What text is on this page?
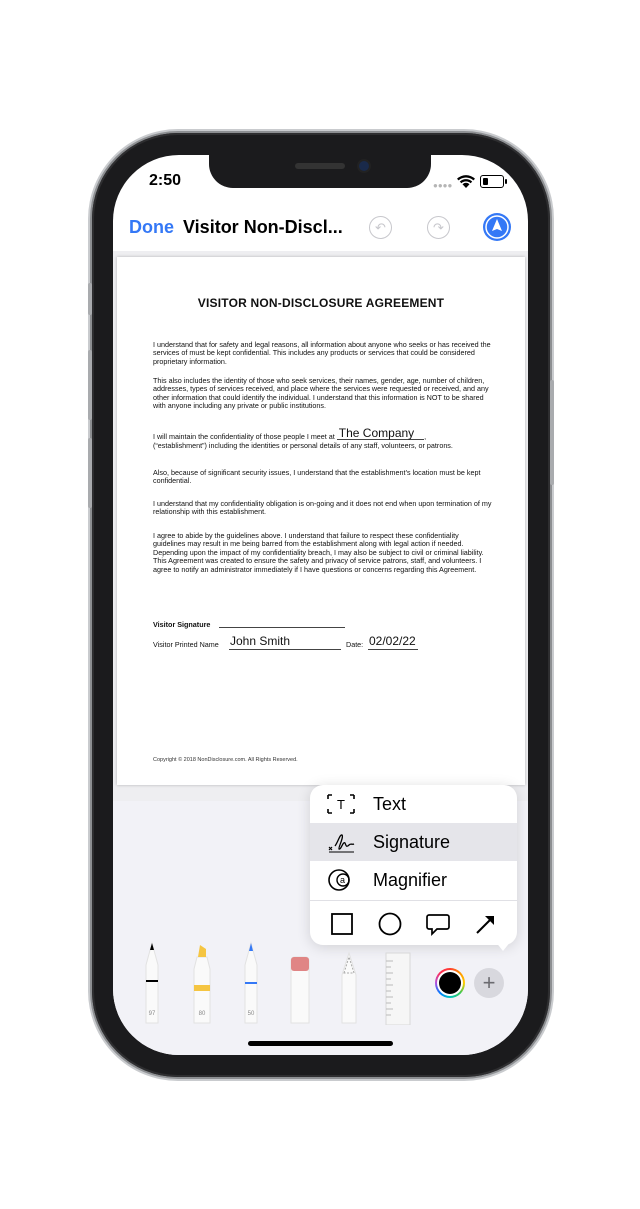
2:50	●●●●
Done Visitor Non-Discl...	↶	↷
VISITOR NON-DISCLOSURE AGREEMENT

I understand that for safety and legal reasons, all information about anyone who seeks or has received the services of must be kept confidential. This includes any products or services that could be considered proprietary information.

This also includes the identity of those who seek services, their names, gender, age, number of children, addresses, types of services received, and place where the services were requested or received, and any other information that could identify the individual. I understand that this information is NOT to be shared with anyone including any private or public institutions.

I will maintain the confidentiality of those people I meet at The Company ,
(“establishment”) including the identities or personal details of any staff, volunteers, or patrons.

Also, because of significant security issues, I understand that the establishment’s location must be kept confidential.

I understand that my confidentiality obligation is on-going and it does not end when upon termination of my relationship with this establishment.

I agree to abide by the guidelines above. I understand that failure to respect these confidentiality guidelines may result in me being barred from the establishment along with legal action if needed. Depending upon the impact of my confidentiality breach, I may also be subject to civil or criminal liability. This Agreement was created to ensure the safety and privacy of service patrons, staff, and volunteers. I agree to notify an administrator immediately if I have questions or concerns regarding this Agreement.

Visitor Signature
Visitor Printed Name John Smith	Date: 02/02/22
Copyright © 2018 NonDisclosure.com. All Rights Reserved.
T Text
Signature
a Magnifier
97	80	50
+
